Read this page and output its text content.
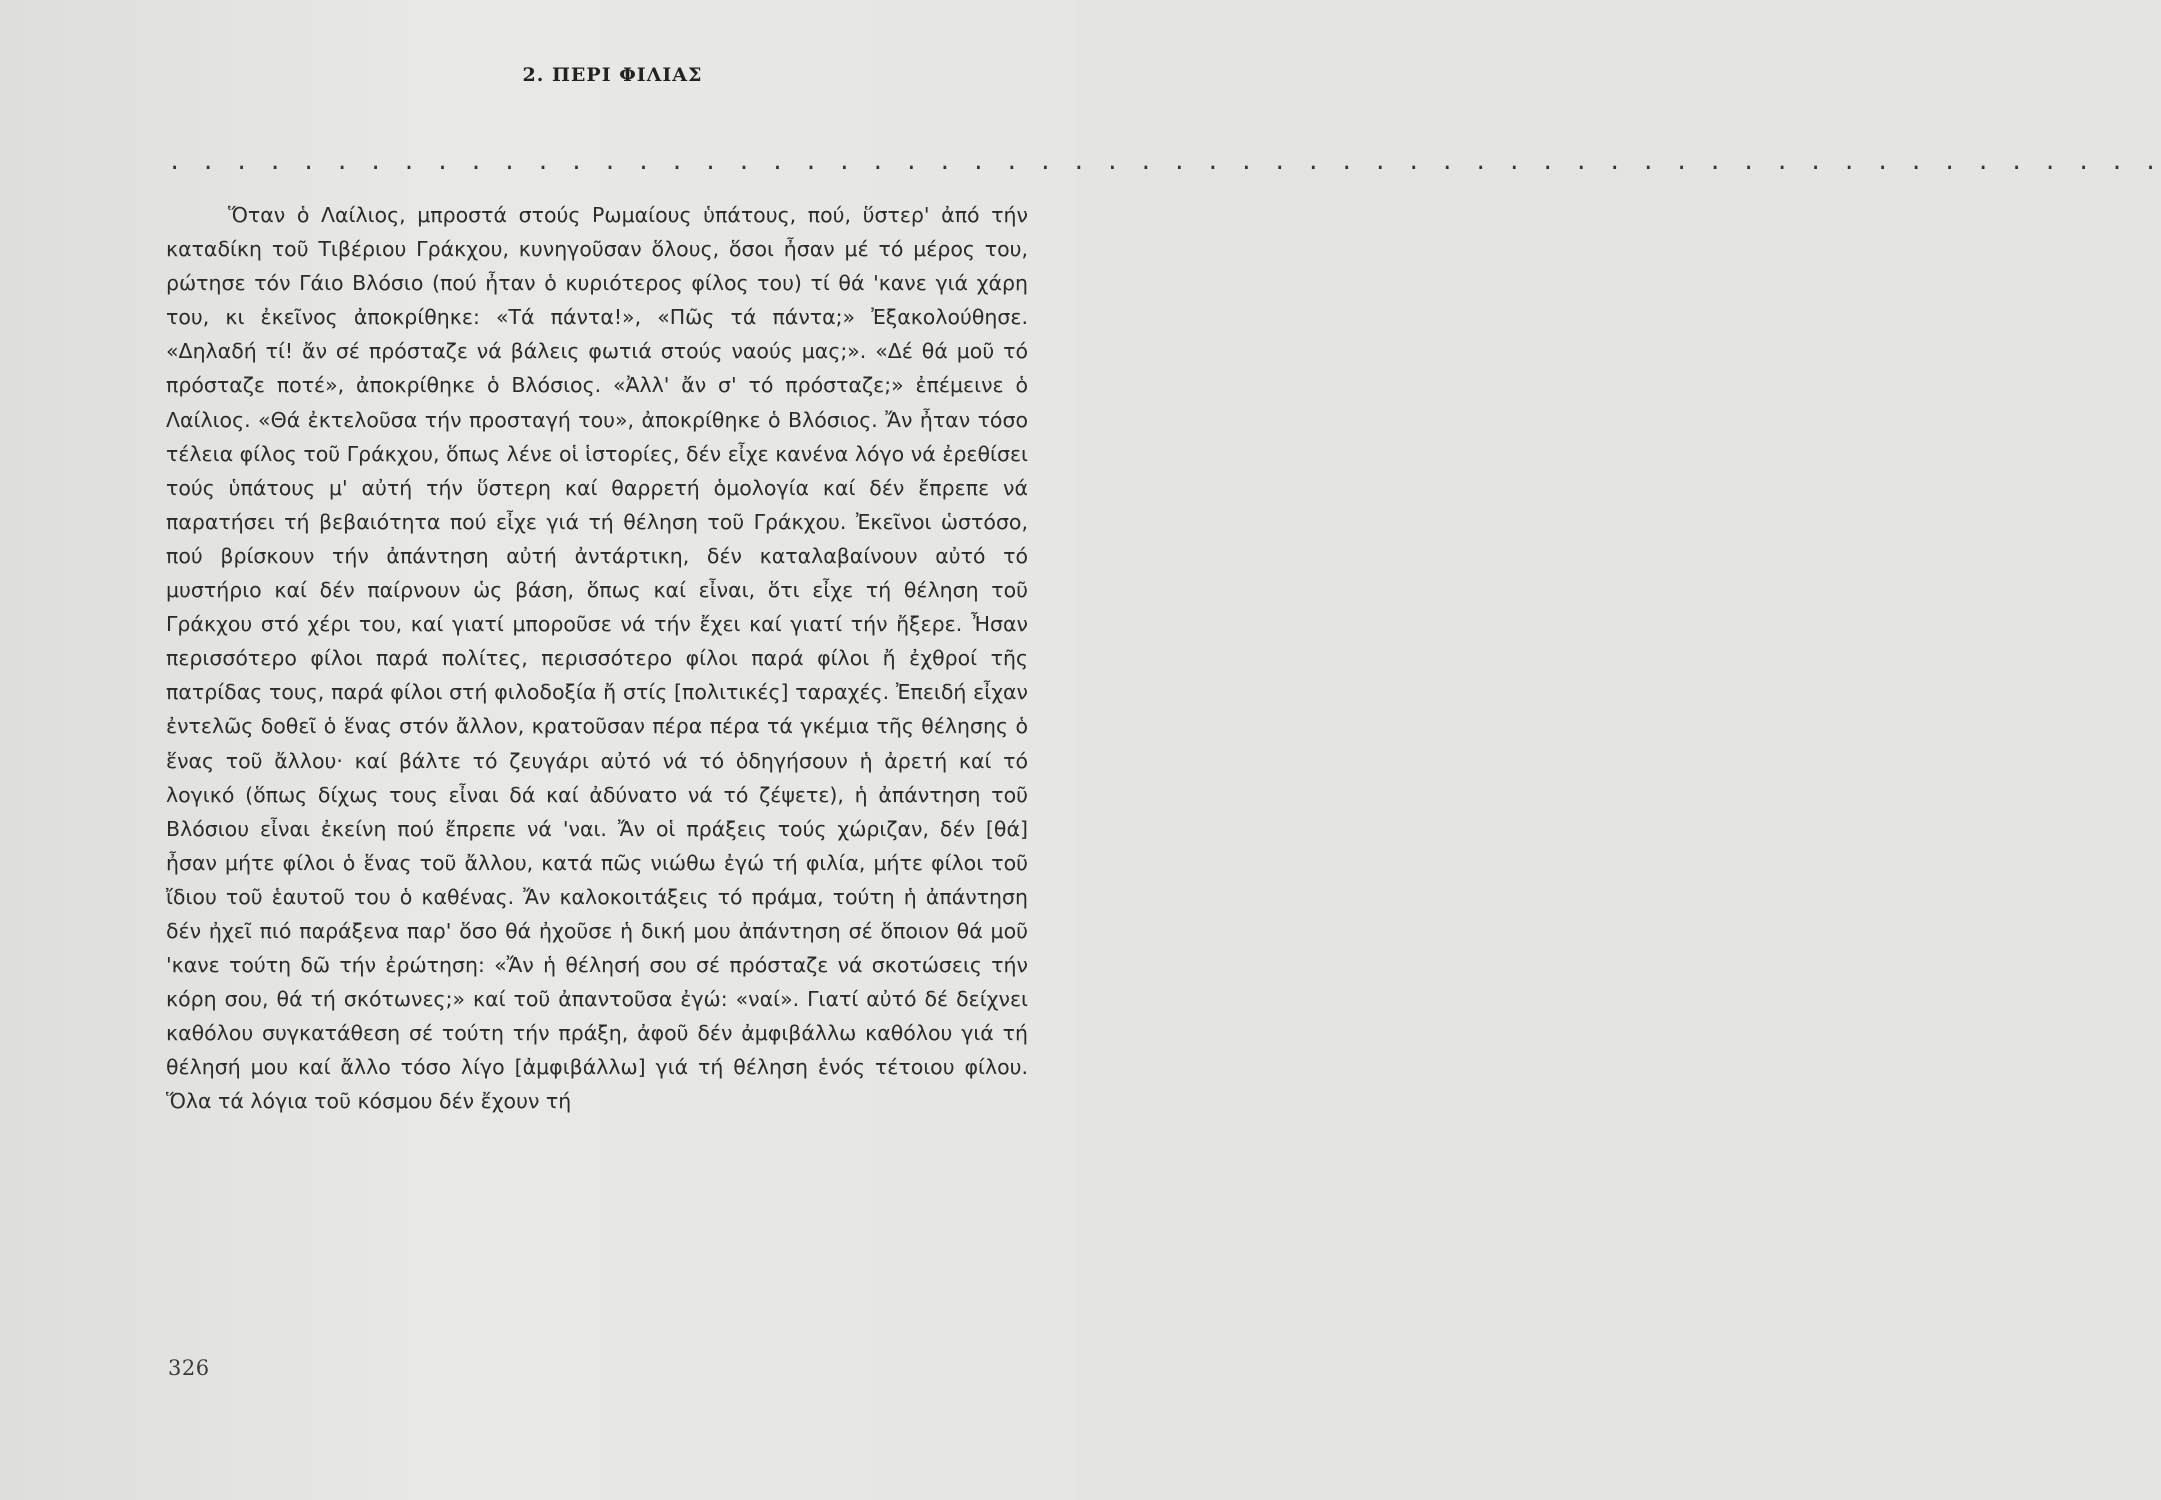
2. ΠΕΡΙ ΦΙΛΙΑΣ
. . . . . . . . . . . . . . . . . . . . . . . . . . . . . . . . . . . . . . . . . . . . . . . . . . . . . . . . . . . .

Ὅταν ὁ Λαίλιος, μπροστά στούς Ρωμαίους ὑπάτους, πού, ὕστερ' ἀπό τήν καταδίκη τοῦ Τιβέριου Γράκχου, κυνηγοῦσαν ὅλους, ὅσοι ἦσαν μέ τό μέρος του, ρώτησε τόν Γάιο Βλόσιο (πού ἦταν ὁ κυριότερος φίλος του) τί θά 'κανε γιά χάρη του, κι ἐκεῖνος ἀποκρίθηκε: «Τά πάντα!», «Πῶς τά πάντα;» Ἐξακολούθησε. «Δηλαδή τί! ἄν σέ πρόσταζε νά βάλεις φωτιά στούς ναούς μας;». «Δέ θά μοῦ τό πρόσταζε ποτέ», ἀποκρίθηκε ὁ Βλόσιος. «Ἀλλ' ἄν σ' τό πρόσταζε;» ἐπέμεινε ὁ Λαίλιος. «Θά ἐκτελοῦσα τήν προσταγή του», ἀποκρίθηκε ὁ Βλόσιος. Ἄν ἦταν τόσο τέλεια φίλος τοῦ Γράκχου, ὅπως λένε οἱ ἱστορίες, δέν εἶχε κανένα λόγο νά ἐρεθίσει τούς ὑπάτους μ' αὐτή τήν ὕστερη καί θαρρετή ὁμολογία καί δέν ἔπρεπε νά παρατήσει τή βεβαιότητα πού εἶχε γιά τή θέληση τοῦ Γράκχου. Ἐκεῖνοι ὡστόσο, πού βρίσκουν τήν ἀπάντηση αὐτή ἀντάρτικη, δέν καταλαβαίνουν αὐτό τό μυστήριο καί δέν παίρνουν ὡς βάση, ὅπως καί εἶναι, ὅτι εἶχε τή θέληση τοῦ Γράκχου στό χέρι του, καί γιατί μποροῦσε νά τήν ἔχει καί γιατί τήν ἤξερε. Ἦσαν περισσότερο φίλοι παρά πολίτες, περισσότερο φίλοι παρά φίλοι ἤ ἐχθροί τῆς πατρίδας τους, παρά φίλοι στή φιλοδοξία ἤ στίς [πολιτικές] ταραχές. Ἐπειδή εἶχαν ἐντελῶς δοθεῖ ὁ ἕνας στόν ἄλλον, κρατοῦσαν πέρα πέρα τά γκέμια τῆς θέλησης ὁ ἕνας τοῦ ἄλλου· καί βάλτε τό ζευγάρι αὐτό νά τό ὁδηγήσουν ἡ ἀρετή καί τό λογικό (ὅπως δίχως τους εἶναι δά καί ἀδύνατο νά τό ζέψετε), ἡ ἀπάντηση τοῦ Βλόσιου εἶναι ἐκείνη πού ἔπρεπε νά 'ναι. Ἄν οἱ πράξεις τούς χώριζαν, δέν [θά] ἦσαν μήτε φίλοι ὁ ἕνας τοῦ ἄλλου, κατά πῶς νιώθω ἐγώ τή φιλία, μήτε φίλοι τοῦ ἴδιου τοῦ ἑαυτοῦ του ὁ καθένας. Ἄν καλοκοιτάξεις τό πράμα, τούτη ἡ ἀπάντηση δέν ἠχεῖ πιό παράξενα παρ' ὅσο θά ἠχοῦσε ἡ δική μου ἀπάντηση σέ ὅποιον θά μοῦ 'κανε τούτη δῶ τήν ἐρώτηση: «Ἄν ἡ θέλησή σου σέ πρόσταζε νά σκοτώσεις τήν κόρη σου, θά τή σκότωνες;» καί τοῦ ἀπαντοῦσα ἐγώ: «ναί». Γιατί αὐτό δέ δείχνει καθόλου συγκατάθεση σέ τούτη τήν πράξη, ἀφοῦ δέν ἀμφιβάλλω καθόλου γιά τή θέλησή μου καί ἄλλο τόσο λίγο [ἀμφιβάλλω] γιά τή θέληση ἑνός τέτοιου φίλου. Ὅλα τά λόγια τοῦ κόσμου δέν ἔχουν τή

326
